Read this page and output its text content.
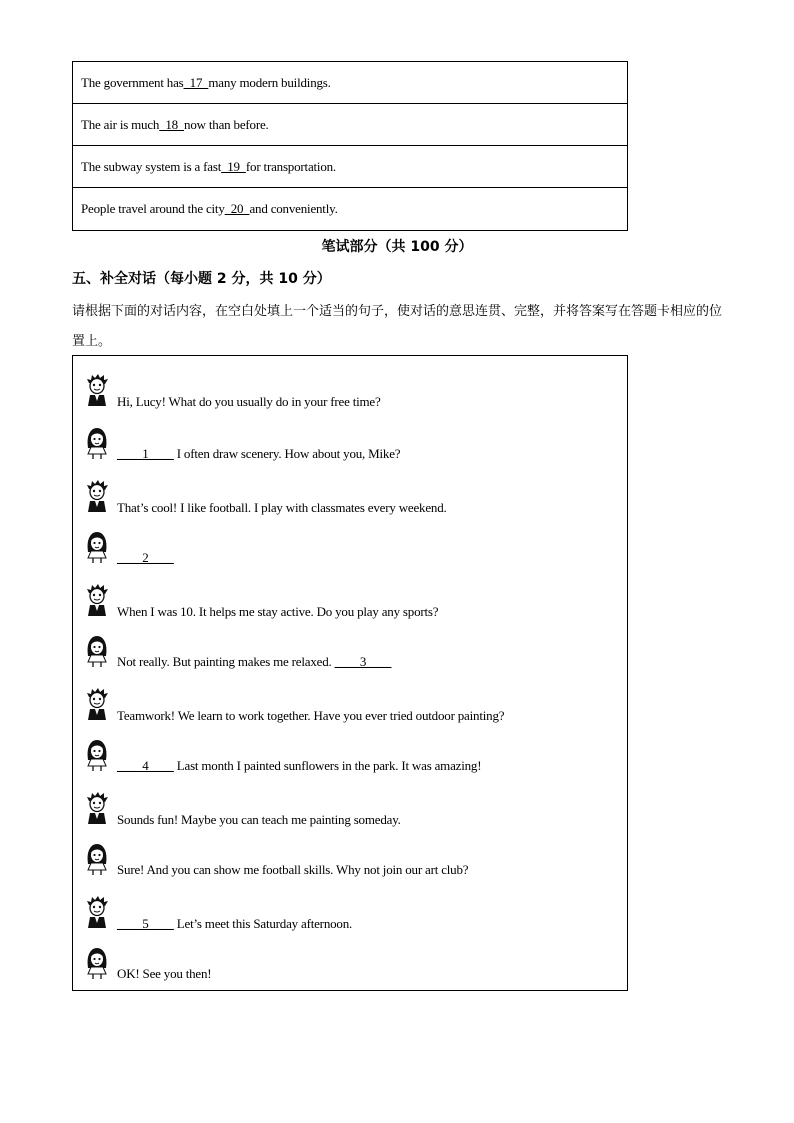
The government has 17 many modern buildings.
The air is much 18 now than before.
The subway system is a fast 19 for transportation.
People travel around the city 20 and conveniently.
笔试部分（共 100 分）
五、补全对话（每小题 2 分，共 10 分）
请根据下面的对话内容，在空白处填上一个适当的句子，使对话的意思连贯、完整，并将答案写在答题卡相应的位置上。
Hi, Lucy! What do you usually do in your free time?
____1____ I often draw scenery. How about you, Mike?
That’s cool! I like football. I play with classmates every weekend.
____2____
When I was 10. It helps me stay active. Do you play any sports?
Not really. But painting makes me relaxed. ____3____
Teamwork! We learn to work together. Have you ever tried outdoor painting?
____4____ Last month I painted sunflowers in the park. It was amazing!
Sounds fun! Maybe you can teach me painting someday.
Sure! And you can show me football skills. Why not join our art club?
____5____ Let’s meet this Saturday afternoon.
OK! See you then!
